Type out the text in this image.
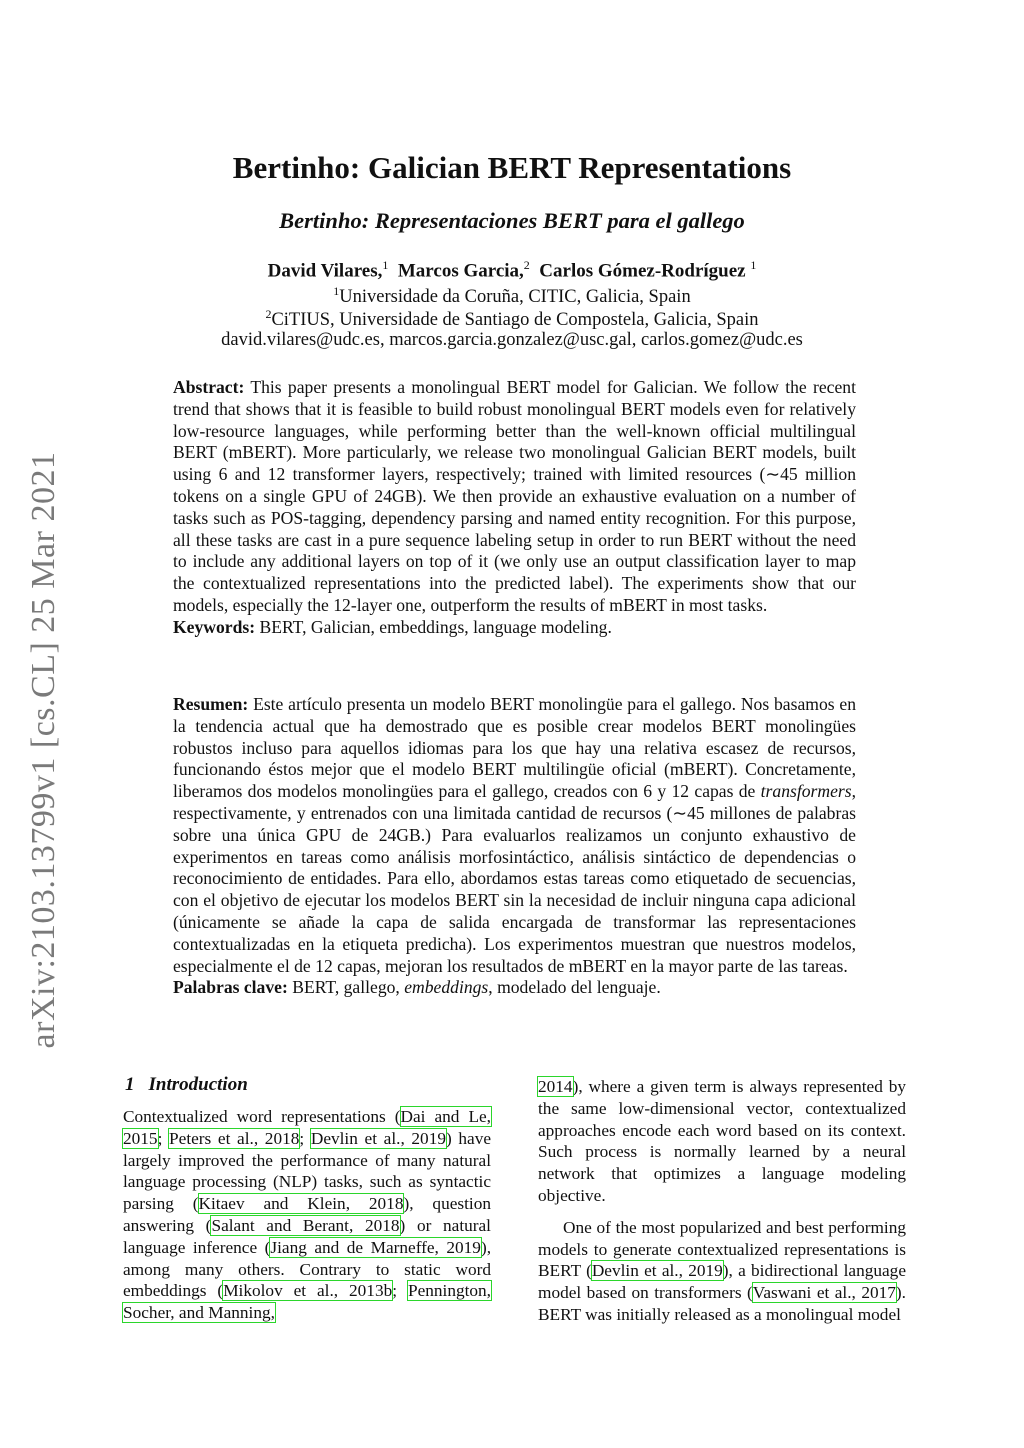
arXiv:2103.13799v1 [cs.CL] 25 Mar 2021
Bertinho: Galician BERT Representations
Bertinho: Representaciones BERT para el gallego
David Vilares,$^1$ Marcos Garcia,$^2$ Carlos Gómez-Rodríguez $^1$
$^1$Universidade da Coruña, CITIC, Galicia, Spain
$^2$CiTIUS, Universidade de Santiago de Compostela, Galicia, Spain
david.vilares@udc.es, marcos.garcia.gonzalez@usc.gal, carlos.gomez@udc.es

Abstract: This paper presents a monolingual BERT model for Galician. We follow the recent trend that shows that it is feasible to build robust monolingual BERT models even for relatively low-resource languages, while performing better than the well-known official multilingual BERT (mBERT). More particularly, we release two monolingual Galician BERT models, built using 6 and 12 transformer layers, respectively; trained with limited resources (∼45 million tokens on a single GPU of 24GB). We then provide an exhaustive evaluation on a number of tasks such as POS-tagging, dependency parsing and named entity recognition. For this purpose, all these tasks are cast in a pure sequence labeling setup in order to run BERT without the need to include any additional layers on top of it (we only use an output classification layer to map the contextualized representations into the predicted label). The experiments show that our models, especially the 12-layer one, outperform the results of mBERT in most tasks.

Keywords: BERT, Galician, embeddings, language modeling.

Resumen: Este artículo presenta un modelo BERT monolingüe para el gallego. Nos basamos en la tendencia actual que ha demostrado que es posible crear modelos BERT monolingües robustos incluso para aquellos idiomas para los que hay una relativa escasez de recursos, funcionando éstos mejor que el modelo BERT multilingüe oficial (mBERT). Concretamente, liberamos dos modelos monolingües para el gallego, creados con 6 y 12 capas de transformers, respectivamente, y entrenados con una limitada cantidad de recursos (∼45 millones de palabras sobre una única GPU de 24GB.) Para evaluarlos realizamos un conjunto exhaustivo de experimentos en tareas como análisis morfosintáctico, análisis sintáctico de dependencias o reconocimiento de entidades. Para ello, abordamos estas tareas como etiquetado de secuencias, con el objetivo de ejecutar los modelos BERT sin la necesidad de incluir ninguna capa adicional (únicamente se añade la capa de salida encargada de transformar las representaciones contextualizadas en la etiqueta predicha). Los experimentos muestran que nuestros modelos, especialmente el de 12 capas, mejoran los resultados de mBERT en la mayor parte de las tareas.

Palabras clave: BERT, gallego, embeddings, modelado del lenguaje.

1 Introduction

Contextualized word representations (Dai and Le, 2015; Peters et al., 2018; Devlin et al., 2019) have largely improved the performance of many natural language processing (NLP) tasks, such as syntactic parsing (Kitaev and Klein, 2018), question answering (Salant and Berant, 2018) or natural language inference (Jiang and de Marneffe, 2019), among many others. Contrary to static word embeddings (Mikolov et al., 2013b; Pennington, Socher, and Manning,

2014), where a given term is always represented by the same low-dimensional vector, contextualized approaches encode each word based on its context. Such process is normally learned by a neural network that optimizes a language modeling objective.

One of the most popularized and best performing models to generate contextualized representations is BERT (Devlin et al., 2019), a bidirectional language model based on transformers (Vaswani et al., 2017). BERT was initially released as a monolingual model
